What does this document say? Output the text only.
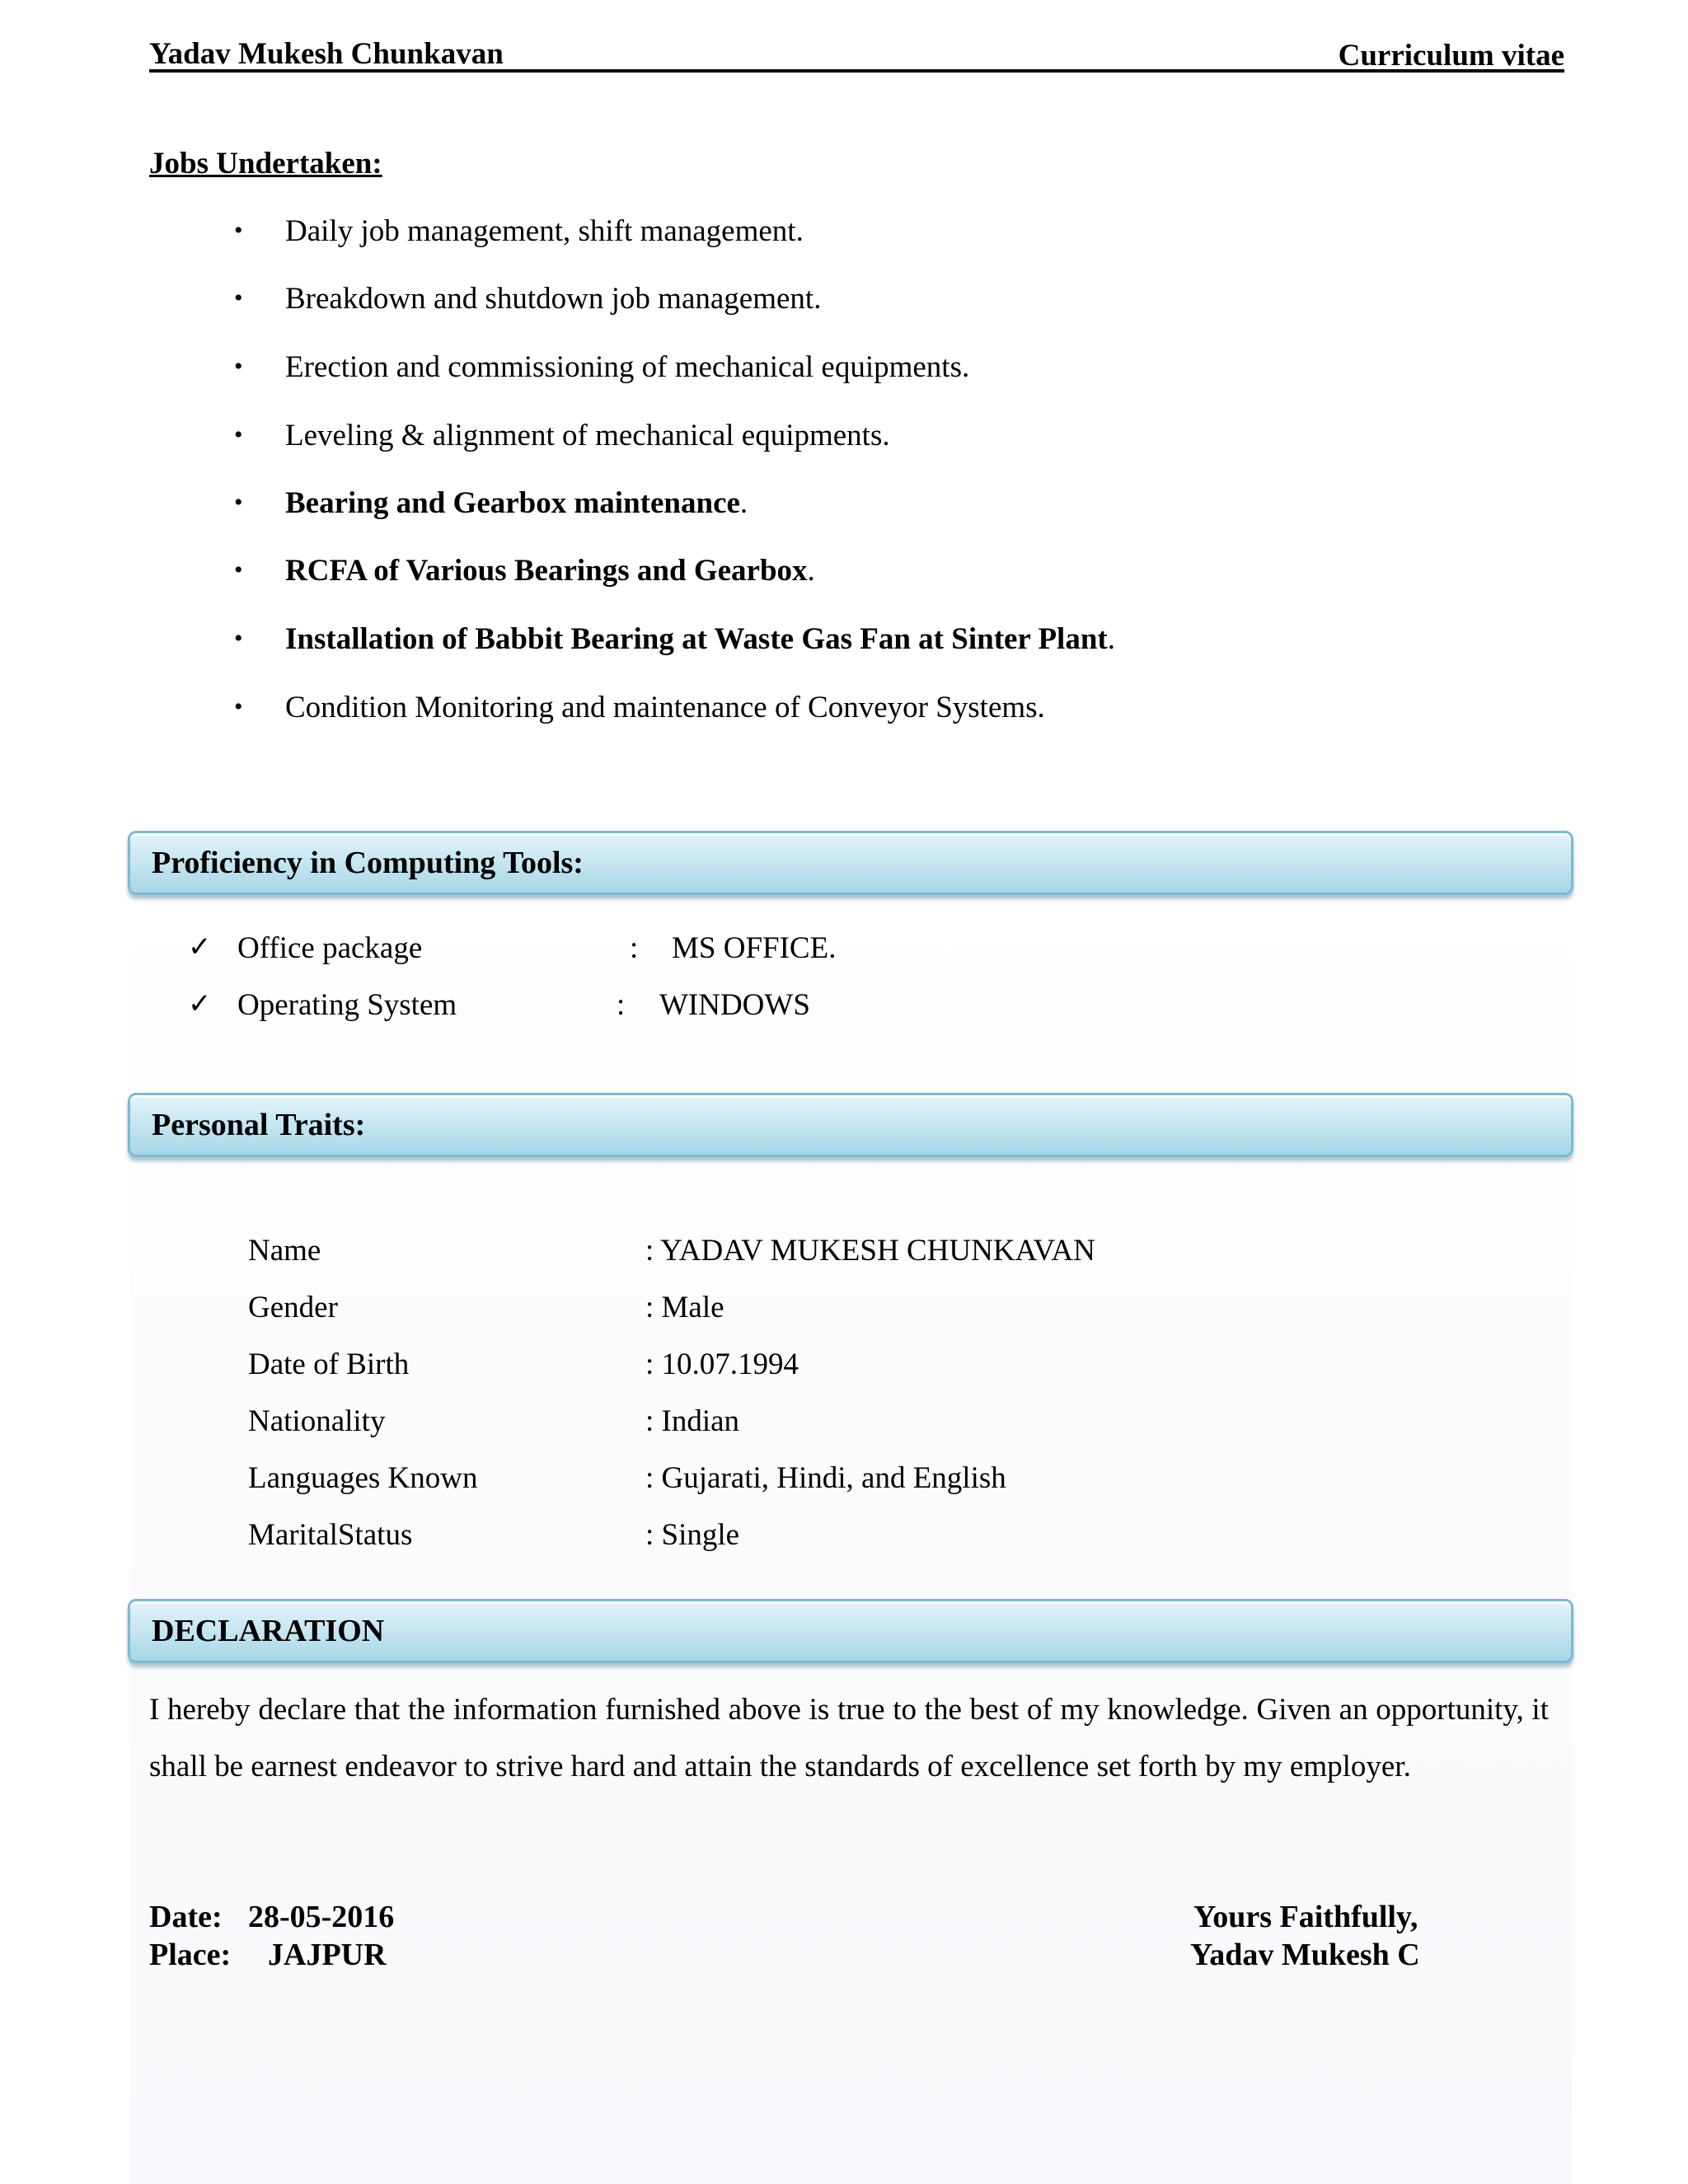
Yadav Mukesh Chunkavan	Curriculum vitae
Jobs Undertaken:
• Daily job management, shift management.
• Breakdown and shutdown job management.
• Erection and commissioning of mechanical equipments.
• Leveling & alignment of mechanical equipments.
• Bearing and Gearbox maintenance.
• RCFA of Various Bearings and Gearbox.
• Installation of Babbit Bearing at Waste Gas Fan at Sinter Plant.
• Condition Monitoring and maintenance of Conveyor Systems.
Proficiency in Computing Tools:
✓ Office package	: MS OFFICE.
✓ Operating System	: WINDOWS
Personal Traits:
Name	: YADAV MUKESH CHUNKAVAN
Gender	: Male
Date of Birth	: 10.07.1994
Nationality	: Indian
Languages Known	: Gujarati, Hindi, and English
MaritalStatus	: Single
DECLARATION
I hereby declare that the information furnished above is true to the best of my knowledge. Given an opportunity, it shall be earnest endeavor to strive hard and attain the standards of excellence set forth by my employer.
Date: 28-05-2016
Place: JAJPUR
Yours Faithfully,
Yadav Mukesh C
